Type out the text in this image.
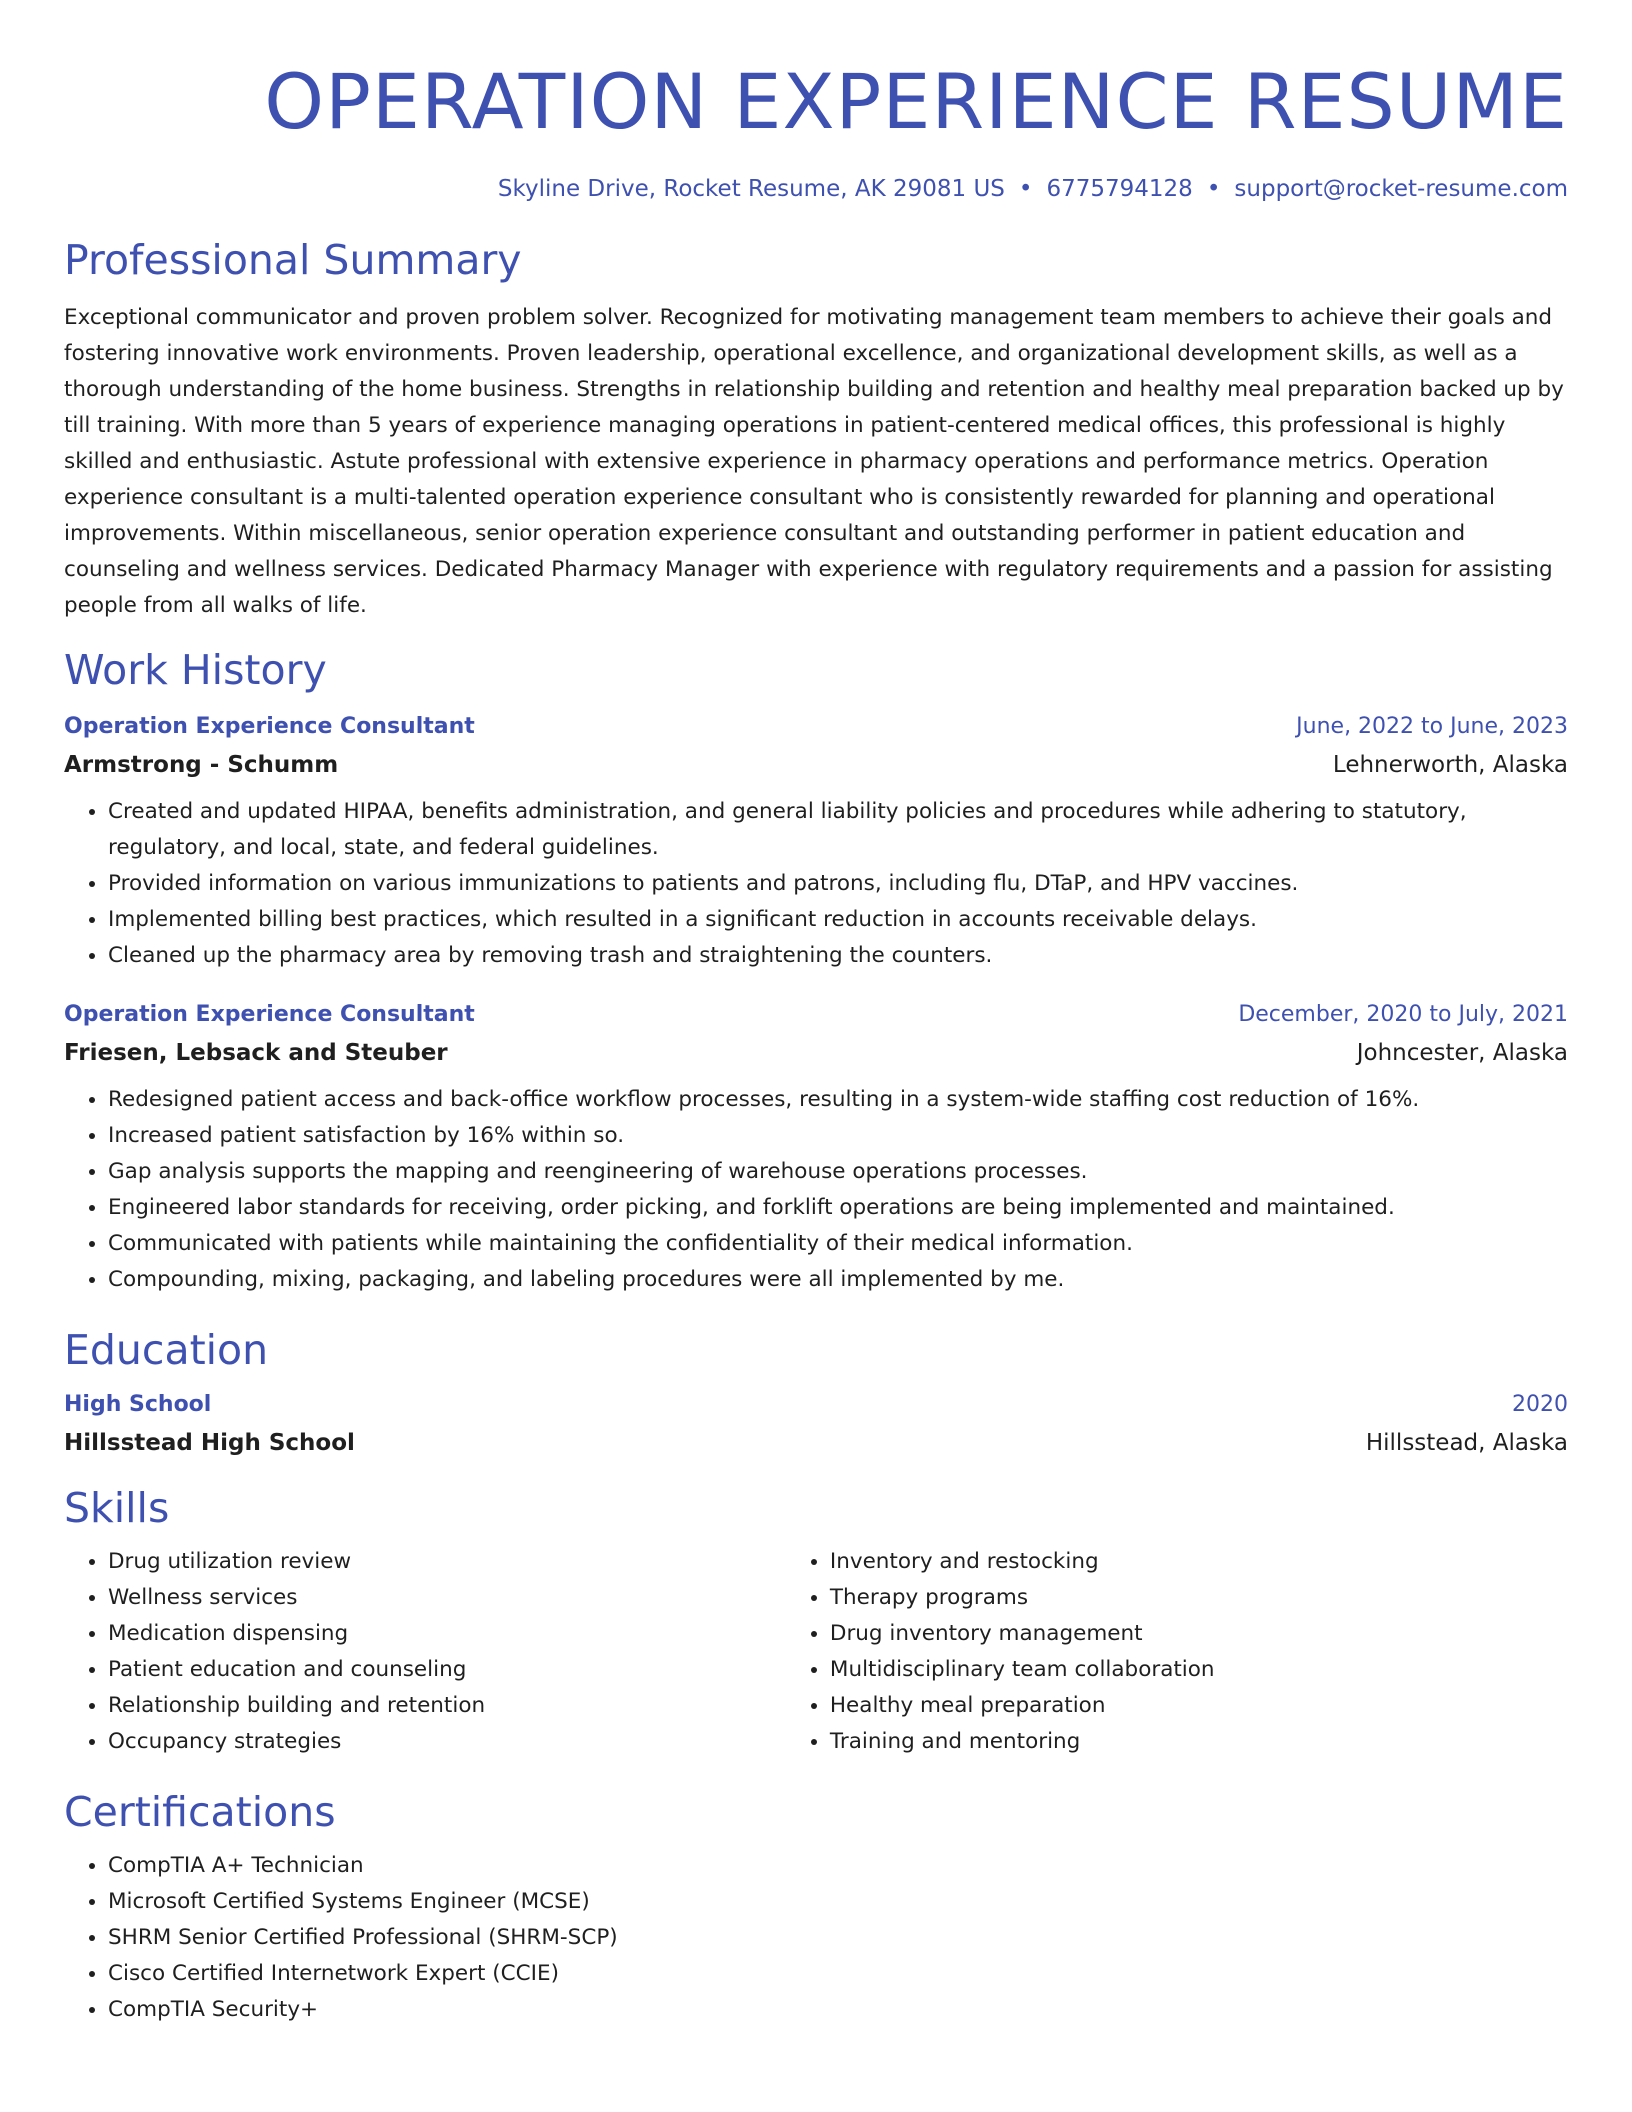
OPERATION EXPERIENCE RESUME
Skyline Drive, Rocket Resume, AK 29081 US • 6775794128 • support@rocket-resume.com
Professional Summary
Exceptional communicator and proven problem solver. Recognized for motivating management team members to achieve their goals and fostering innovative work environments. Proven leadership, operational excellence, and organizational development skills, as well as a thorough understanding of the home business. Strengths in relationship building and retention and healthy meal preparation backed up by till training. With more than 5 years of experience managing operations in patient-centered medical offices, this professional is highly skilled and enthusiastic. Astute professional with extensive experience in pharmacy operations and performance metrics. Operation experience consultant is a multi-talented operation experience consultant who is consistently rewarded for planning and operational improvements. Within miscellaneous, senior operation experience consultant and outstanding performer in patient education and counseling and wellness services. Dedicated Pharmacy Manager with experience with regulatory requirements and a passion for assisting people from all walks of life.
Work History
Operation Experience Consultant	June, 2022 to June, 2023
Armstrong - Schumm	Lehnerworth, Alaska
• Created and updated HIPAA, benefits administration, and general liability policies and procedures while adhering to statutory, regulatory, and local, state, and federal guidelines.
• Provided information on various immunizations to patients and patrons, including flu, DTaP, and HPV vaccines.
• Implemented billing best practices, which resulted in a significant reduction in accounts receivable delays.
• Cleaned up the pharmacy area by removing trash and straightening the counters.
Operation Experience Consultant	December, 2020 to July, 2021
Friesen, Lebsack and Steuber	Johncester, Alaska
• Redesigned patient access and back-office workflow processes, resulting in a system-wide staffing cost reduction of 16%.
• Increased patient satisfaction by 16% within so.
• Gap analysis supports the mapping and reengineering of warehouse operations processes.
• Engineered labor standards for receiving, order picking, and forklift operations are being implemented and maintained.
• Communicated with patients while maintaining the confidentiality of their medical information.
• Compounding, mixing, packaging, and labeling procedures were all implemented by me.
Education
High School	2020
Hillsstead High School	Hillsstead, Alaska
Skills
• Drug utilization review
• Wellness services
• Medication dispensing
• Patient education and counseling
• Relationship building and retention
• Occupancy strategies
• Inventory and restocking
• Therapy programs
• Drug inventory management
• Multidisciplinary team collaboration
• Healthy meal preparation
• Training and mentoring
Certifications
• CompTIA A+ Technician
• Microsoft Certified Systems Engineer (MCSE)
• SHRM Senior Certified Professional (SHRM-SCP)
• Cisco Certified Internetwork Expert (CCIE)
• CompTIA Security+
